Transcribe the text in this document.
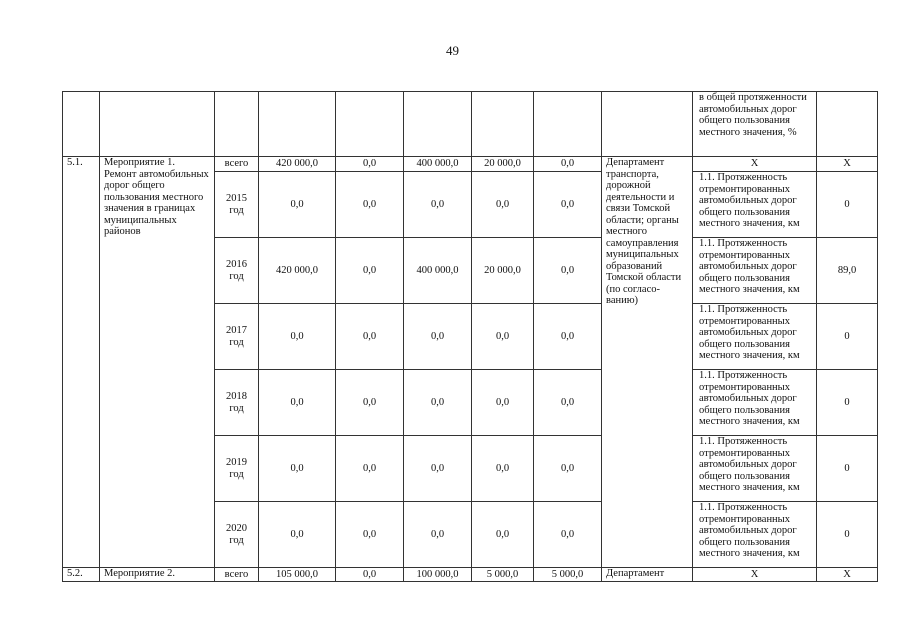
49
									в общей протяженности автомобильных дорог общего пользования местного значения, %	
5.1.	Мероприятие 1. Ремонт автомобильных дорог общего пользования местного значения в границах муниципальных районов	всего	420 000,0	0,0	400 000,0	20 000,0	0,0	Департамент транспорта, дорожной деятельности и связи Томской области; органы местного самоуправления муниципальных образований Томской области (по согласо-ванию)	Х	Х
		2015 год	0,0	0,0	0,0	0,0	0,0		1.1. Протяженность отремонтированных автомобильных дорог общего пользования местного значения, км	0
		2016 год	420 000,0	0,0	400 000,0	20 000,0	0,0		1.1. Протяженность отремонтированных автомобильных дорог общего пользования местного значения, км	89,0
		2017 год	0,0	0,0	0,0	0,0	0,0		1.1. Протяженность отремонтированных автомобильных дорог общего пользования местного значения, км	0
		2018 год	0,0	0,0	0,0	0,0	0,0		1.1. Протяженность отремонтированных автомобильных дорог общего пользования местного значения, км	0
		2019 год	0,0	0,0	0,0	0,0	0,0		1.1. Протяженность отремонтированных автомобильных дорог общего пользования местного значения, км	0
		2020 год	0,0	0,0	0,0	0,0	0,0		1.1. Протяженность отремонтированных автомобильных дорог общего пользования местного значения, км	0
5.2.	Мероприятие 2.	всего	105 000,0	0,0	100 000,0	5 000,0	5 000,0	Департамент	Х	Х
